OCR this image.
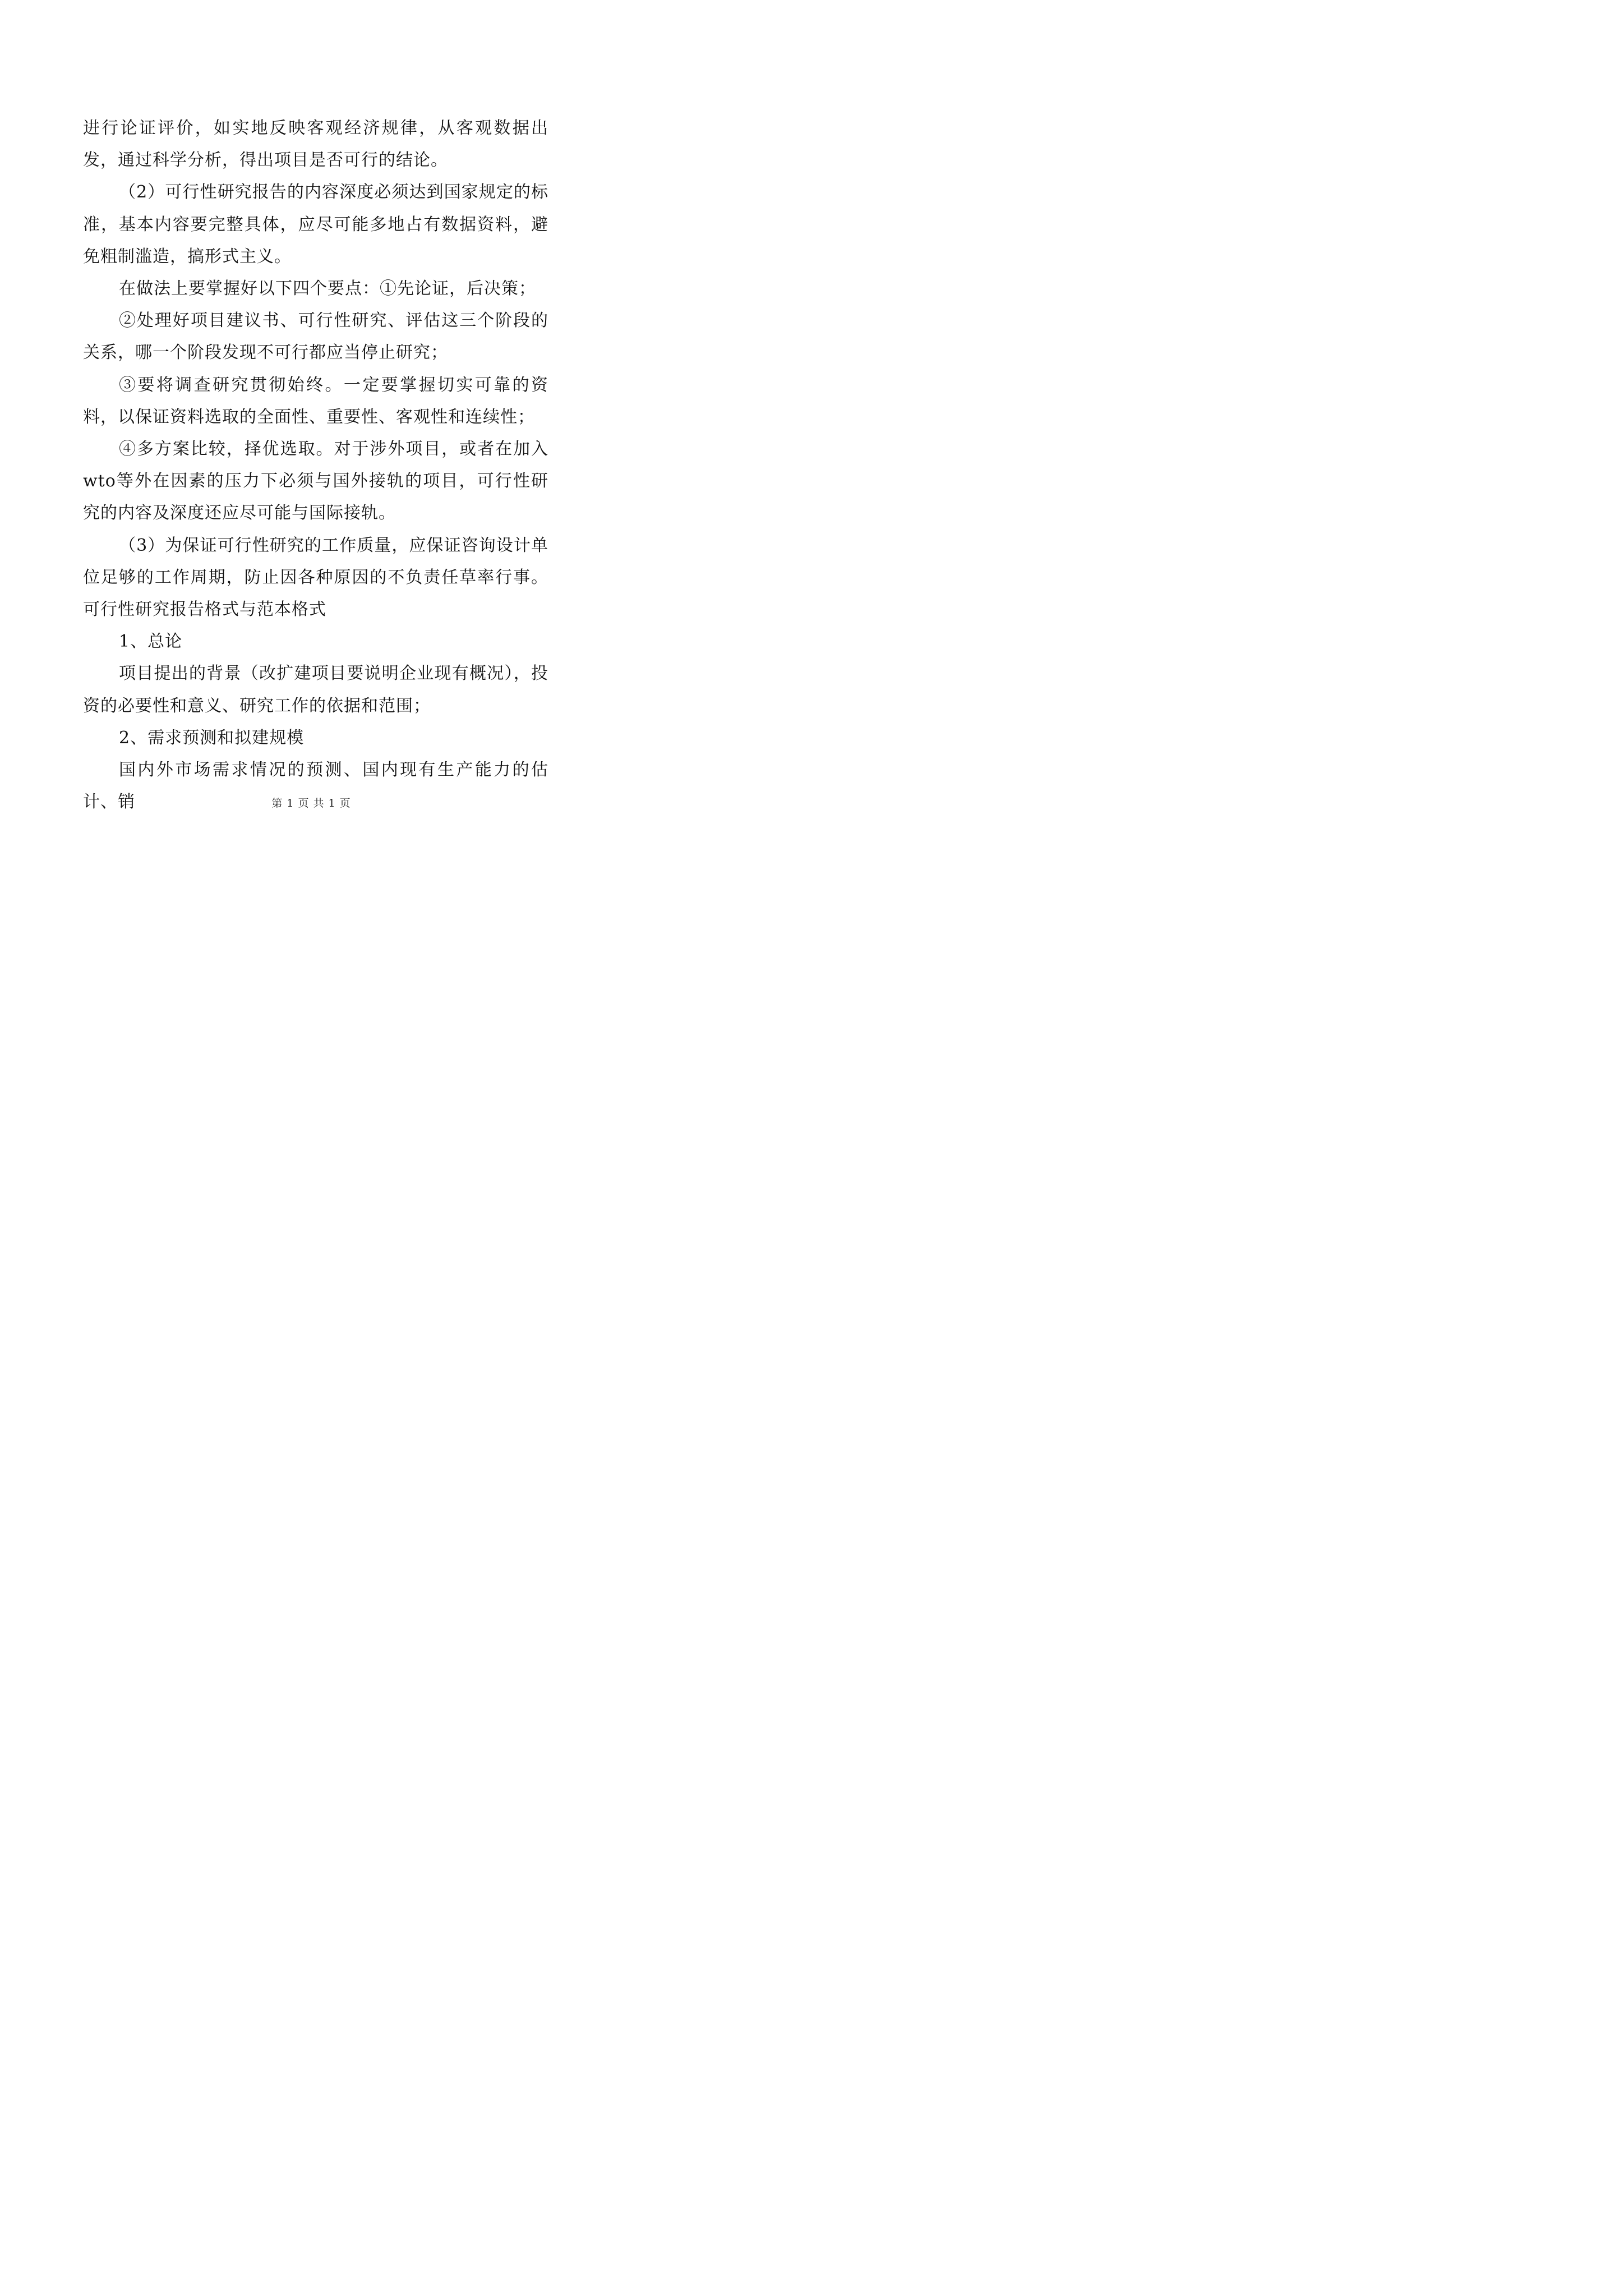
进行论证评价，如实地反映客观经济规律，从客观数据出发，通过科学分析，得出项目是否可行的结论。

（2）可行性研究报告的内容深度必须达到国家规定的标准，基本内容要完整具体，应尽可能多地占有数据资料，避免粗制滥造，搞形式主义。

在做法上要掌握好以下四个要点：①先论证，后决策；

②处理好项目建议书、可行性研究、评估这三个阶段的关系，哪一个阶段发现不可行都应当停止研究；

③要将调查研究贯彻始终。一定要掌握切实可靠的资料，以保证资料选取的全面性、重要性、客观性和连续性；

④多方案比较，择优选取。对于涉外项目，或者在加入wto等外在因素的压力下必须与国外接轨的项目，可行性研究的内容及深度还应尽可能与国际接轨。

（3）为保证可行性研究的工作质量，应保证咨询设计单位足够的工作周期，防止因各种原因的不负责任草率行事。可行性研究报告格式与范本格式

1、总论

项目提出的背景（改扩建项目要说明企业现有概况），投资的必要性和意义、研究工作的依据和范围；

2、需求预测和拟建规模

国内外市场需求情况的预测、国内现有生产能力的估计、销	第 1 页 共 1 页
